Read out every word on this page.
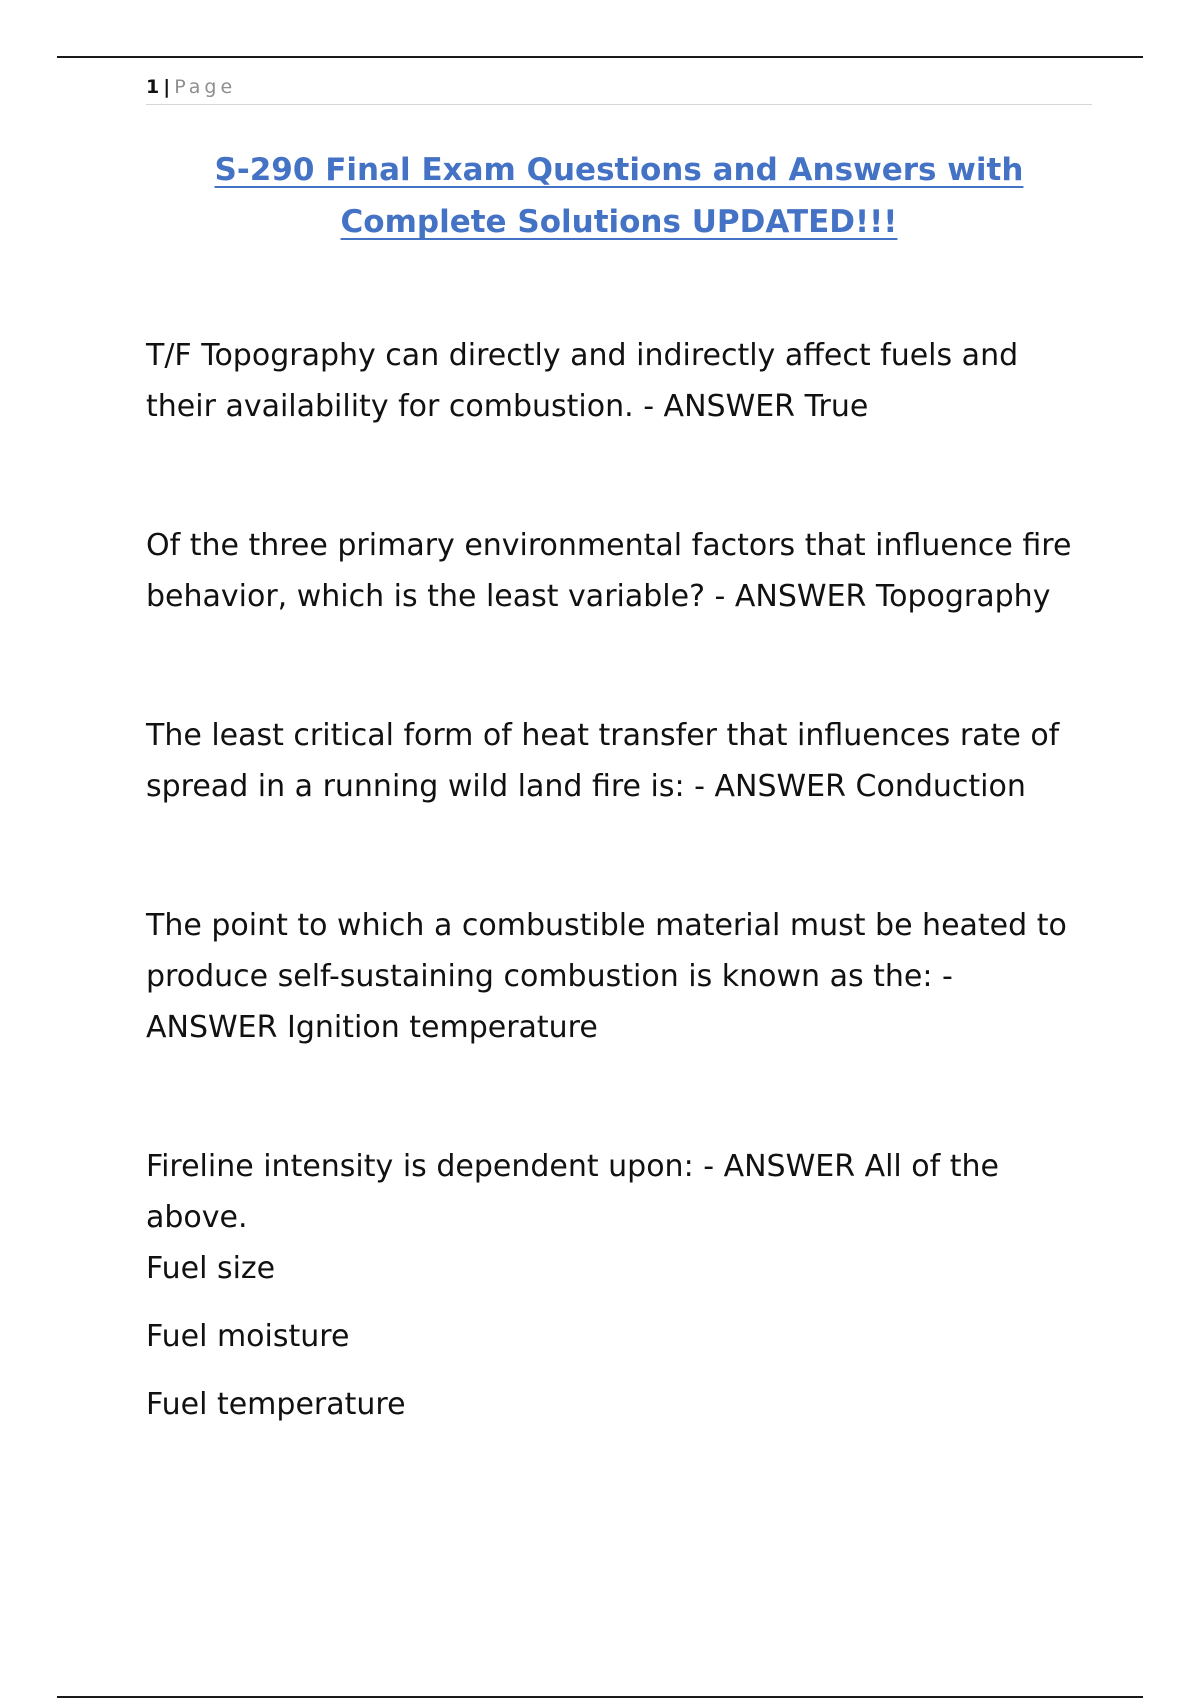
1 | Page
S-290 Final Exam Questions and Answers with
Complete Solutions UPDATED!!!

T/F Topography can directly and indirectly affect fuels and their availability for combustion. - ANSWER True

Of the three primary environmental factors that influence fire behavior, which is the least variable? - ANSWER Topography

The least critical form of heat transfer that influences rate of spread in a running wild land fire is: - ANSWER Conduction

The point to which a combustible material must be heated to produce self-sustaining combustion is known as the: - ANSWER Ignition temperature

Fireline intensity is dependent upon: - ANSWER All of the above.

Fuel size

Fuel moisture

Fuel temperature
